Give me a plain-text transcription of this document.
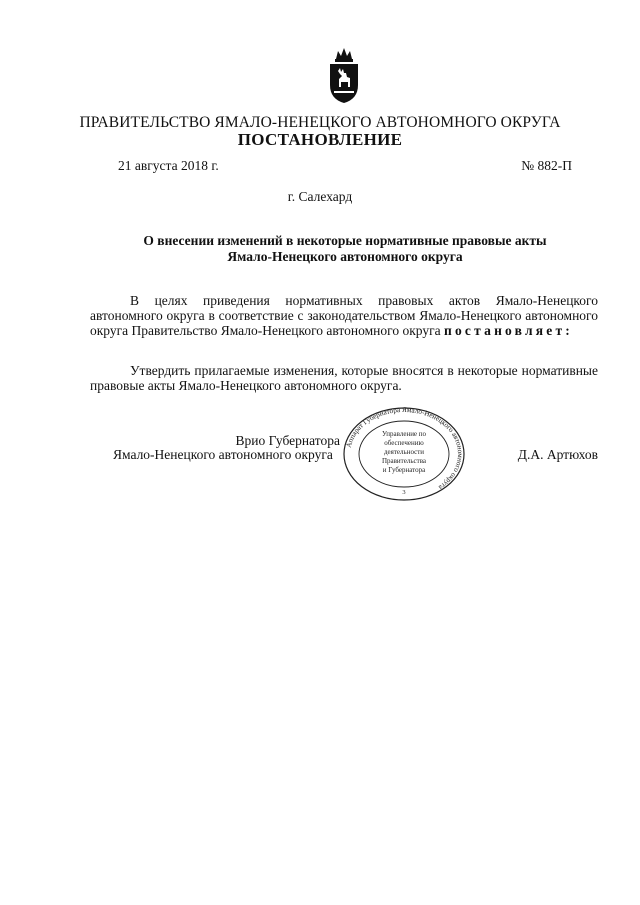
ПРАВИТЕЛЬСТВО ЯМАЛО-НЕНЕЦКОГО АВТОНОМНОГО ОКРУГА
ПОСТАНОВЛЕНИЕ
21 августа 2018 г.	№ 882-П
г. Салехард
О внесении изменений в некоторые нормативные правовые акты
Ямало-Ненецкого автономного округа
В целях приведения нормативных правовых актов Ямало-Ненецкого автономного округа в соответствие с законодательством Ямало-Ненецкого автономного округа Правительство Ямало-Ненецкого автономного округа постановляет:
Утвердить прилагаемые изменения, которые вносятся в некоторые нормативные правовые акты Ямало-Ненецкого автономного округа.
Врио Губернатора
Ямало-Ненецкого автономного округа	Д.А. Артюхов
Аппарат Губернатора Ямало-Ненецкого автономного округа
Управление по
обеспечению
деятельности
Правительства
и Губернатора
3
